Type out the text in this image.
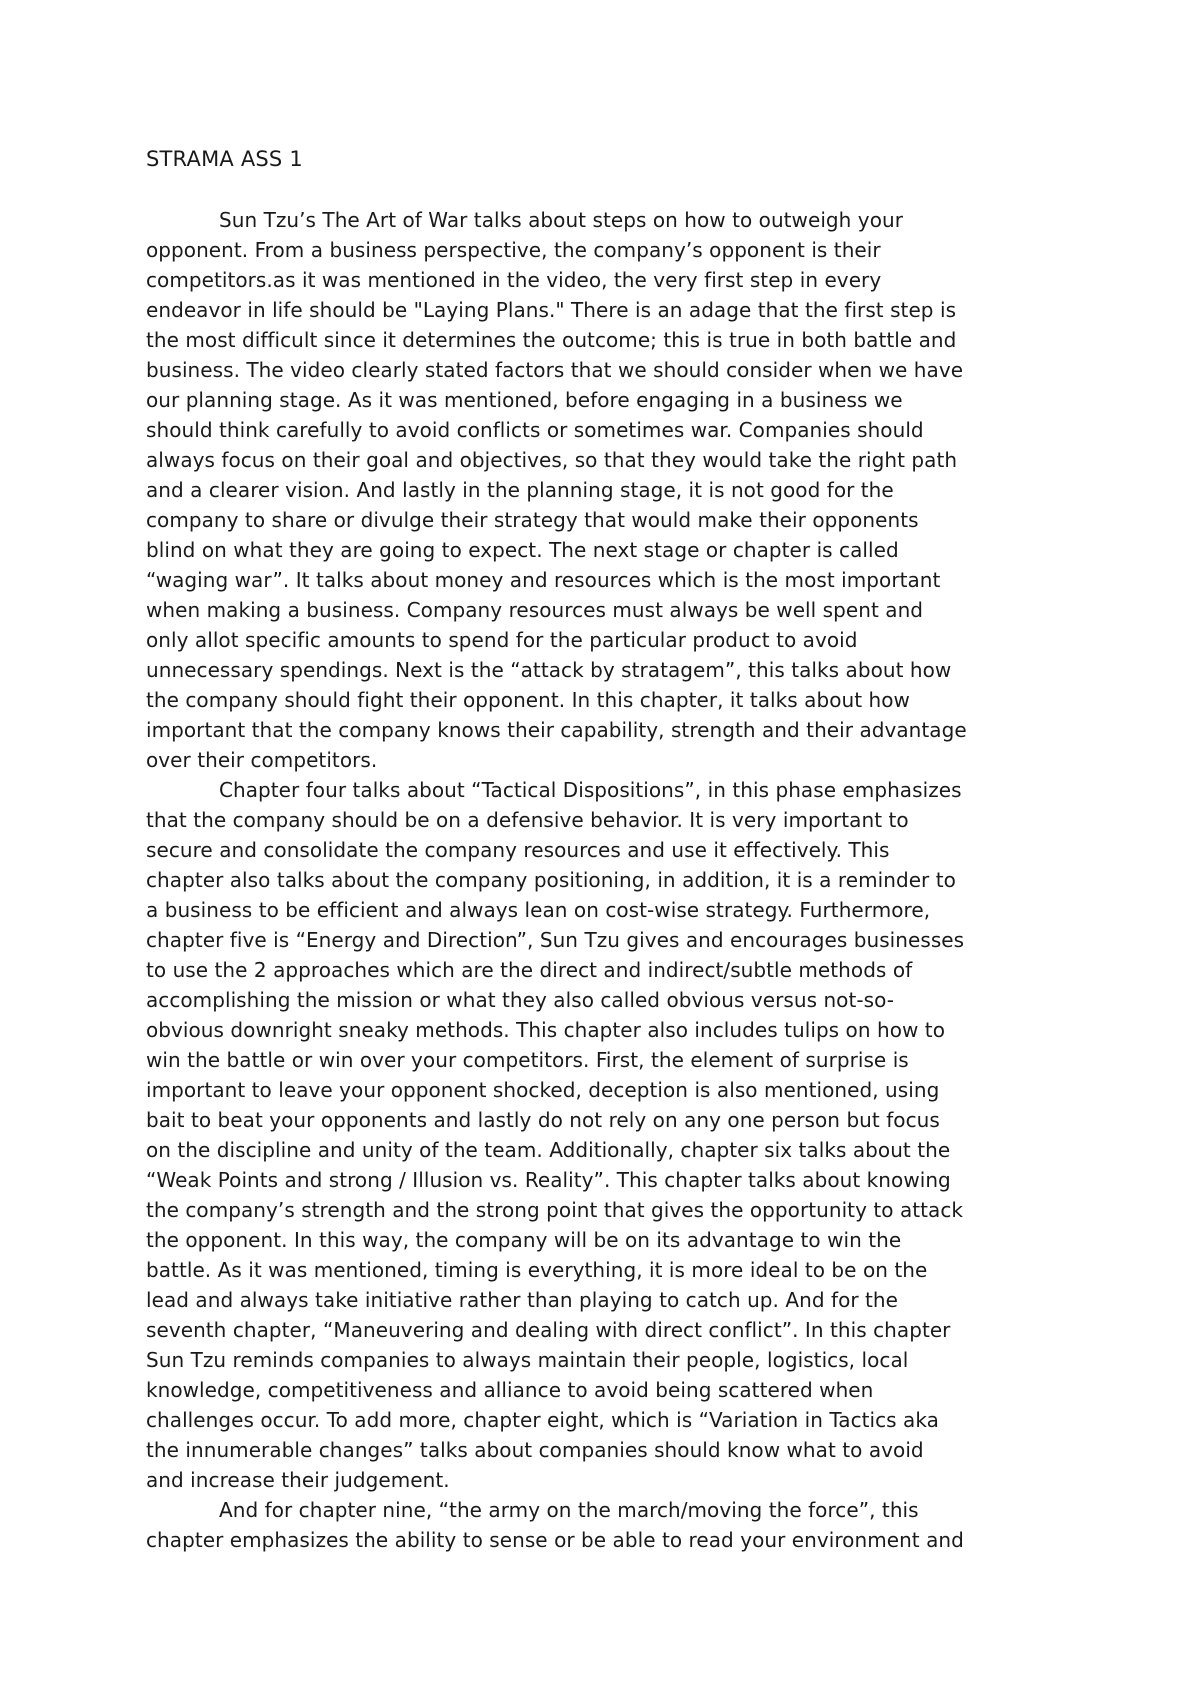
STRAMA ASS 1
Sun Tzu’s The Art of War talks about steps on how to outweigh your
opponent. From a business perspective, the company’s opponent is their
competitors.as it was mentioned in the video, the very first step in every
endeavor in life should be "Laying Plans." There is an adage that the first step is
the most difficult since it determines the outcome; this is true in both battle and
business. The video clearly stated factors that we should consider when we have
our planning stage. As it was mentioned, before engaging in a business we
should think carefully to avoid conflicts or sometimes war. Companies should
always focus on their goal and objectives, so that they would take the right path
and a clearer vision. And lastly in the planning stage, it is not good for the
company to share or divulge their strategy that would make their opponents
blind on what they are going to expect. The next stage or chapter is called
“waging war”. It talks about money and resources which is the most important
when making a business. Company resources must always be well spent and
only allot specific amounts to spend for the particular product to avoid
unnecessary spendings. Next is the “attack by stratagem”, this talks about how
the company should fight their opponent. In this chapter, it talks about how
important that the company knows their capability, strength and their advantage
over their competitors.
Chapter four talks about “Tactical Dispositions”, in this phase emphasizes
that the company should be on a defensive behavior. It is very important to
secure and consolidate the company resources and use it effectively. This
chapter also talks about the company positioning, in addition, it is a reminder to
a business to be efficient and always lean on cost-wise strategy. Furthermore,
chapter five is “Energy and Direction”, Sun Tzu gives and encourages businesses
to use the 2 approaches which are the direct and indirect/subtle methods of
accomplishing the mission or what they also called obvious versus not-so-
obvious downright sneaky methods. This chapter also includes tulips on how to
win the battle or win over your competitors. First, the element of surprise is
important to leave your opponent shocked, deception is also mentioned, using
bait to beat your opponents and lastly do not rely on any one person but focus
on the discipline and unity of the team. Additionally, chapter six talks about the
“Weak Points and strong / Illusion vs. Reality”. This chapter talks about knowing
the company’s strength and the strong point that gives the opportunity to attack
the opponent. In this way, the company will be on its advantage to win the
battle. As it was mentioned, timing is everything, it is more ideal to be on the
lead and always take initiative rather than playing to catch up. And for the
seventh chapter, “Maneuvering and dealing with direct conflict”. In this chapter
Sun Tzu reminds companies to always maintain their people, logistics, local
knowledge, competitiveness and alliance to avoid being scattered when
challenges occur. To add more, chapter eight, which is “Variation in Tactics aka
the innumerable changes” talks about companies should know what to avoid
and increase their judgement.
And for chapter nine, “the army on the march/moving the force”, this
chapter emphasizes the ability to sense or be able to read your environment and
